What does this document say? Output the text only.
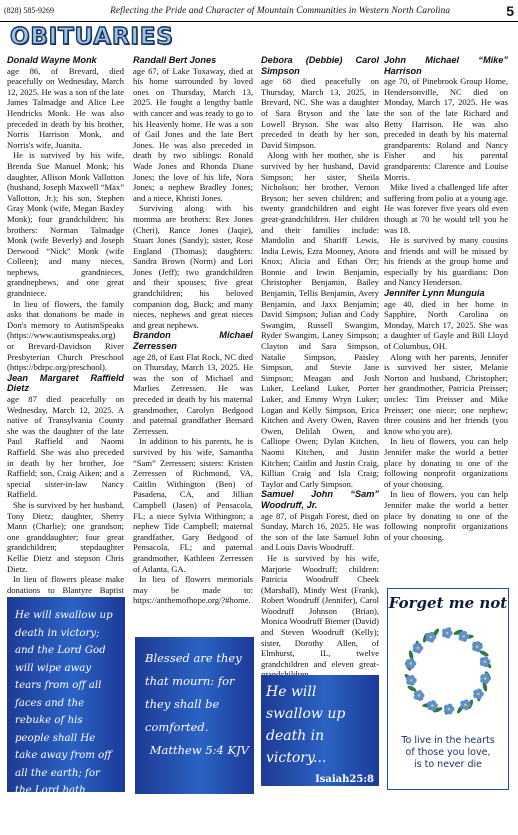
(828) 585-9269	Reflecting the Pride and Character of Mountain Communities in Western North Carolina	5
OBITUARIES
Donald Wayne Monk

age 86, of Brevard, died peacefully on Wednesday, March 12, 2025. He was a son of the late James Talmadge and Alice Lee Hendricks Monk. He was also preceded in death by his brother, Norris Harrison Monk, and Norris's wife, Juanita.

He is survived by his wife, Brenda Sue Manuel Monk; his daughter, Allison Monk Vallotton (husband, Joseph Maxwell “Max” Vallotton, Jr.); his son, Stephen Gray Monk (wife, Megan Baxley Monk); four grandchildren; his brothers: Norman Talmadge Monk (wife Beverly) and Joseph Derwood “Nick” Monk (wife Colleen); and many nieces, nephews, grandnieces, grandnephews, and one great grandniece.

In lieu of flowers, the family asks that donations be made in Don's memory to AutismSpeaks (https://www.autismspeaks.org) or Brevard-Davidson River Presbyterian Church Preschool (https://bdrpc.org/preschool).

Jean Margaret Raffield Dietz

age 87 died peacefully on Wednesday, March 12, 2025. A native of Transylvania County she was the daughter of the late Paul Raffield and Naomi Raffield. She was also preceded in death by her brother, Joe Raffield; son, Craig Aiken; and a special sister-in-law Nancy Raffield.

She is survived by her husband, Tony Dietz; daughter, Sherry Mann (Charlie); one grandson; one granddaughter; four great grandchildren; stepdaughter Kellie Dietz and stepson Chris Dietz.

In lieu of flowers please make donations to Blantyre Baptist

Randall Bert Jones

age 67, of Lake Toxaway, died at his home surrounded by loved ones on Thursday, March 13, 2025. He fought a lengthy battle with cancer and was ready to go to his Heavenly home. He was a son of Gail Jones and the late Bert Jones. He was also preceded in death by two siblings: Ronald Wade Jones and Rhonda Diane Jones; the love of his life, Nora Jones; a nephew Bradley Jones; and a niece, Khristi Jones.

Surviving along with his momma are brothers: Rex Jones (Cheri), Rance Jones (Jaqie), Stuart Jones (Sandy); sister, Rose England (Thomas); daughters: Sandra Brown (Norm) and Lori Jones (Jeff); two grandchildren and their spouses; five great grandchildren; his beloved companion dog, Buck; and many nieces, nephews and great nieces and great nephews.

Brandon Michael Zerressen

age 28, of East Flat Rock, NC died on Thursday, March 13, 2025. He was the son of Michael and Marlies Zerressen. He was preceded in death by his maternal grandmother, Carolyn Bedgood and paternal grandfather Bernard Zerressen.

In addition to his parents, he is survived by his wife, Samantha “Sam” Zerressen; sisters: Kristen Zerressen of Richmond, VA, Caitlin Withington (Ben) of Pasadena, CA, and Jillian Campbell (Jasen) of Pensacola, FL; a niece Sylvia Withington; a nephew Tide Campbell; maternal grandfather, Gary Bedgood of Pensacola, FL; and paternal grandmother, Kathleen Zerressen of Atlanta, GA.

In lieu of flowers memorials may be made to: https://anthemofhope.org/?#home.

Debora (Debbie) Carol Simpson

age 68 died peacefully on Thursday, March 13, 2025, in Brevard, NC. She was a daughter of Sara Bryson and the late Lowell Bryson. She was also preceded in death by her son, David Simpson.

Along with her mother, she is survived by her husband, David Simpson; her sister, Sheila Nicholson; her brother, Vernon Bryson; her seven children; and twenty grandchildren and eight great-grandchildren. Her children and their families include: Mandolin and Shariff Lewis, India Lewis, Ezra Mooney, Anora Knox; Alicia and Ethan Orr; Bonnie and Irwin Benjamin, Christopher Benjamin, Bailey Benjamin, Tellis Benjamin, Avery Benjamin, and Jaxx Benjamin; David Simpson; Julian and Cody Swangim, Russell Swangim, Ryder Swangim, Laney Simpson; Clayton and Sara Simpson, Natalie Simpson, Paisley Simpson, and Stevie Jane Simpson; Meagan and Josh Luker, Leeland Luker, Porter Luker, and Emmy Wryn Luker; Logan and Kelly Simpson, Erica Kitchen and Avery Owen, Raven Owen, Delilah Owen, and Calliope Owen; Dylan Kitchen, Naomi Kitchen, and Justin Kitchen; Caitlin and Justin Craig, Killian Craig and Isla Craig; Taylor and Carly Simpson.

Samuel John “Sam” Woodruff, Jr.

age 87, of Pisgah Forest, died on Sunday, March 16, 2025. He was the son of the late Samuel John and Louis Davis Woodruff.

He is survived by his wife, Marjorie Woodruff; children: Patricia Woodruff Cheek (Marshall), Mindy West (Frank), Robert Woodruff (Jennifer), Carol Woodruff Johnson (Brian), Monica Woodruff Biemer (David) and Steven Woodruff (Kelly); sister, Dorothy Allen, of Elmhurst, IL, twelve grandchildren and eleven great-

John Michael “Mike” Harrison

age 70, of Pinebrook Group Home, Hendersonville, NC died on Monday, March 17, 2025. He was the son of the late Richard and Betty Harrison. He was also preceded in death by his maternal grandparents: Roland and Nancy Fisher and his parental grandparents: Clarence and Louise Morris.

Mike lived a challenged life after suffering from polio at a young age. He was forever five years old even though at 70 he would tell you he was 18.

He is survived by many cousins and friends and will be missed by his friends at the group home and especially by his guardians: Don and Nancy Henderson.

Jennifer Lynn Munguia

age 40, died in her home in Sapphire, North Carolina on Monday, March 17, 2025. She was a daughter of Gayle and Bill Lloyd of Columbus, OH.

Along with her parents, Jennifer is survived her sister, Melanie Norton and husband, Christopher; her grandmother, Patricia Preisser; uncles: Tim Preisser and Mike Preisser; one niece; one nephew; three cousins and her friends (you know who you are).

In lieu of flowers, you can help Jennifer make the world a better place by donating to one of the following nonprofit organizations of your choosing.

In lieu of flowers, you can help Jennifer make the world a better place by donating to one of the following nonprofit organizations of your choosing.

He will swallow up death in victory; and the Lord God will wipe away tears from off all faces and the rebuke of his people shall He take away from off all the earth; for the Lord hath spoken it.
Isaiah 25:8
Blessed are they that mourn: for they shall be comforted.
Matthew 5:4 KJV
He will swallow up death in victory...
Isaiah25:8
Forget me not
To live in the hearts
of those you love,
is to never die
